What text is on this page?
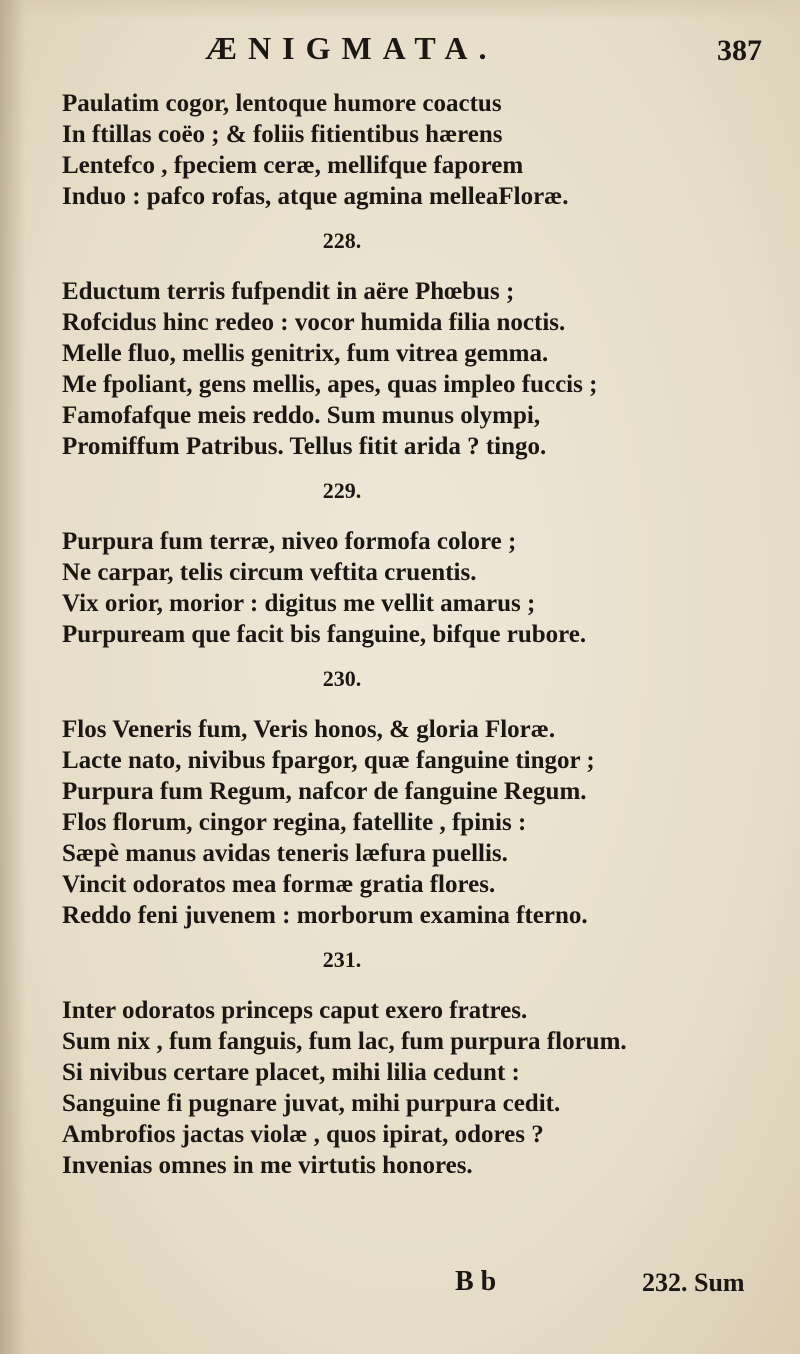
ÆNIGMATA.	387
Paulatim cogor, lentoque humore coactus
In ftillas coëo ; & foliis fitientibus hærens
Lentefco , fpeciem ceræ, mellifque faporem
Induo : pafco rofas, atque agmina melleaFloræ.
228.
Eductum terris fufpendit in aëre Phœbus ;
Rofcidus hinc redeo : vocor humida filia noctis.
Melle fluo, mellis genitrix, fum vitrea gemma.
Me fpoliant, gens mellis, apes, quas impleo fuccis ;
Famofafque meis reddo. Sum munus olympi,
Promiffum Patribus. Tellus fitit arida ? tingo.
229.
Purpura fum terræ, niveo formofa colore ;
Ne carpar, telis circum veftita cruentis.
Vix orior, morior : digitus me vellit amarus ;
Purpuream que facit bis fanguine, bifque rubore.
230.
Flos Veneris fum, Veris honos, & gloria Floræ.
Lacte nato, nivibus fpargor, quæ fanguine tingor ;
Purpura fum Regum, nafcor de fanguine Regum.
Flos florum, cingor regina, fatellite , fpinis :
Sæpè manus avidas teneris læfura puellis.
Vincit odoratos mea formæ gratia flores.
Reddo feni juvenem : morborum examina fterno.
231.
Inter odoratos princeps caput exero fratres.
Sum nix , fum fanguis, fum lac, fum purpura florum.
Si nivibus certare placet, mihi lilia cedunt :
Sanguine fi pugnare juvat, mihi purpura cedit.
Ambrofios jactas violæ , quos ipirat, odores ?
Invenias omnes in me virtutis honores.
B b	232. Sum
